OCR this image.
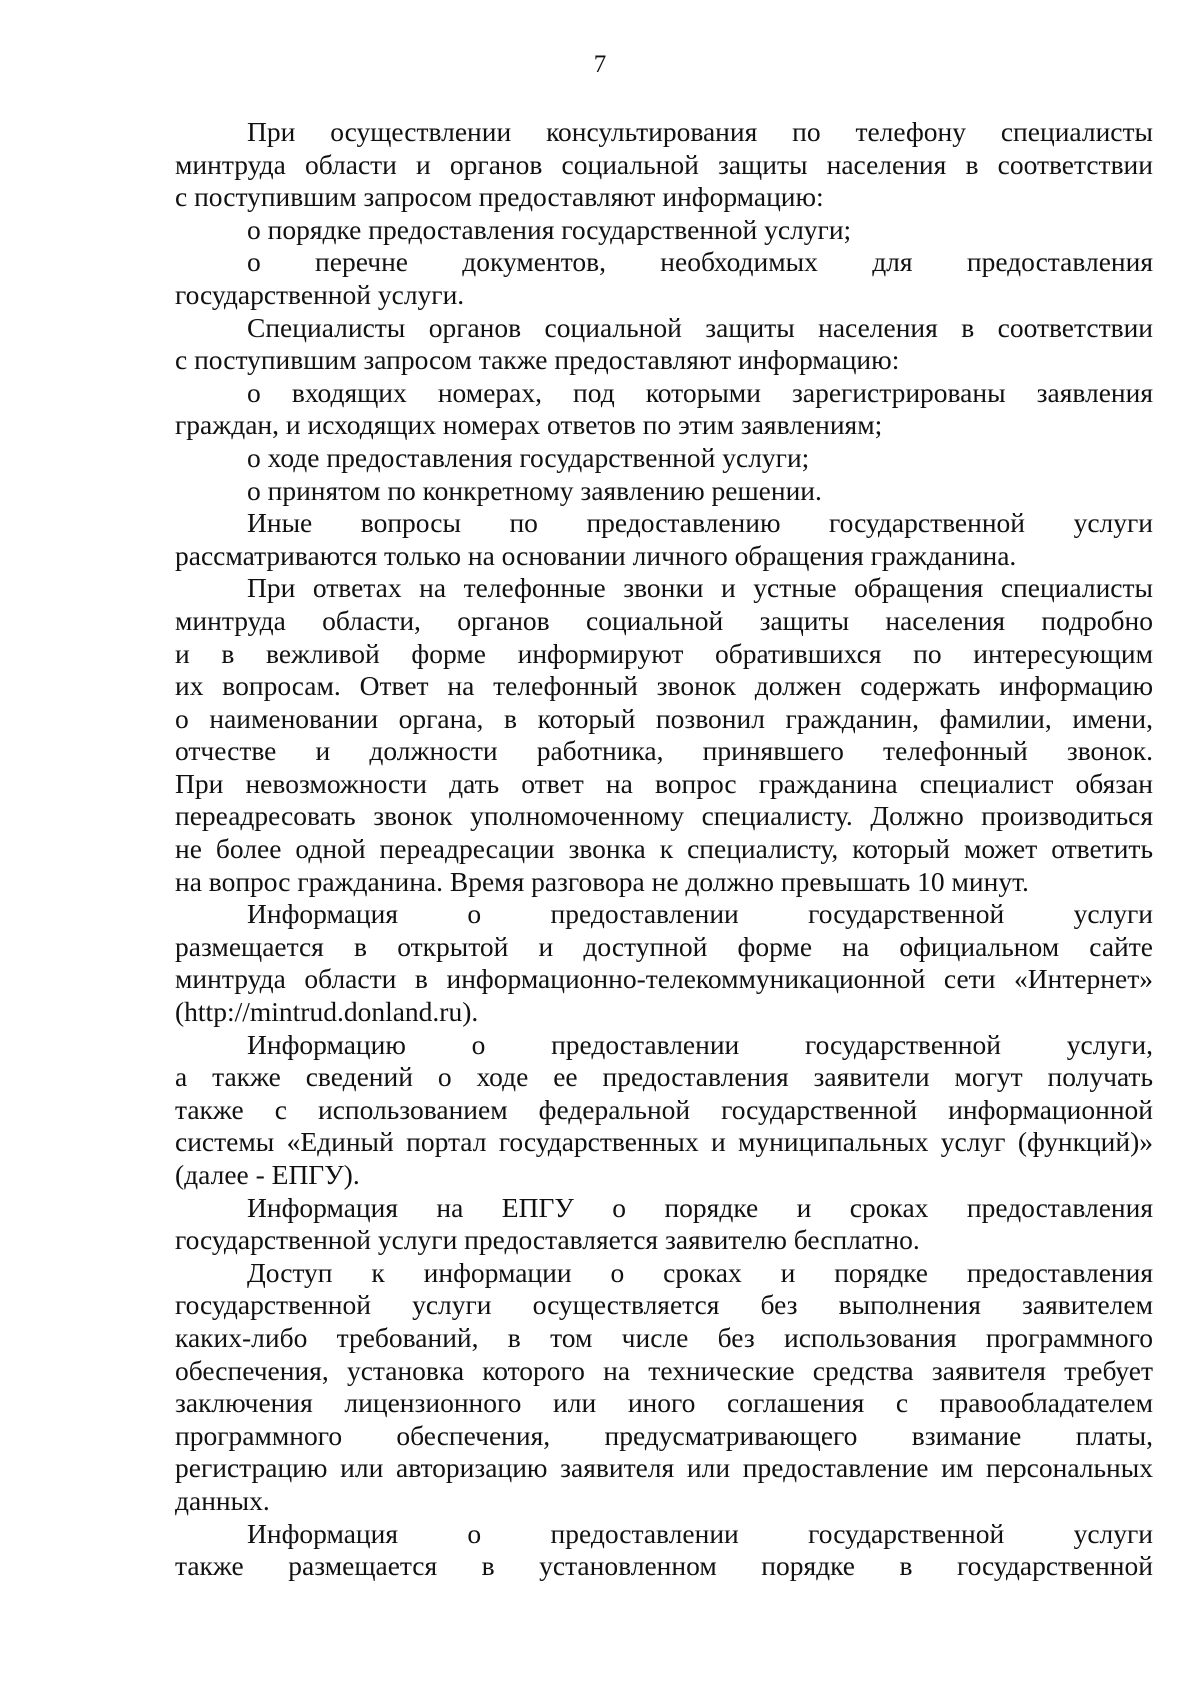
7
При осуществлении консультирования по телефону специалисты
минтруда области и органов социальной защиты населения в соответствии
с поступившим запросом предоставляют информацию:
о порядке предоставления государственной услуги;
о перечне документов, необходимых для предоставления
государственной услуги.
Специалисты органов социальной защиты населения в соответствии
с поступившим запросом также предоставляют информацию:
о входящих номерах, под которыми зарегистрированы заявления
граждан, и исходящих номерах ответов по этим заявлениям;
о ходе предоставления государственной услуги;
о принятом по конкретному заявлению решении.
Иные вопросы по предоставлению государственной услуги
рассматриваются только на основании личного обращения гражданина.
При ответах на телефонные звонки и устные обращения специалисты
минтруда области, органов социальной защиты населения подробно
и в вежливой форме информируют обратившихся по интересующим
их вопросам. Ответ на телефонный звонок должен содержать информацию
о наименовании органа, в который позвонил гражданин, фамилии, имени,
отчестве и должности работника, принявшего телефонный звонок.
При невозможности дать ответ на вопрос гражданина специалист обязан
переадресовать звонок уполномоченному специалисту. Должно производиться
не более одной переадресации звонка к специалисту, который может ответить
на вопрос гражданина. Время разговора не должно превышать 10 минут.
Информация о предоставлении государственной услуги
размещается в открытой и доступной форме на официальном сайте
минтруда области в информационно-телекоммуникационной сети «Интернет»
(http://mintrud.donland.ru).
Информацию о предоставлении государственной услуги,
а также сведений о ходе ее предоставления заявители могут получать
также с использованием федеральной государственной информационной
системы «Единый портал государственных и муниципальных услуг (функций)»
(далее - ЕПГУ).
Информация на ЕПГУ о порядке и сроках предоставления
государственной услуги предоставляется заявителю бесплатно.
Доступ к информации о сроках и порядке предоставления
государственной услуги осуществляется без выполнения заявителем
каких-либо требований, в том числе без использования программного
обеспечения, установка которого на технические средства заявителя требует
заключения лицензионного или иного соглашения с правообладателем
программного обеспечения, предусматривающего взимание платы,
регистрацию или авторизацию заявителя или предоставление им персональных
данных.
Информация о предоставлении государственной услуги
также размещается в установленном порядке в государственной
